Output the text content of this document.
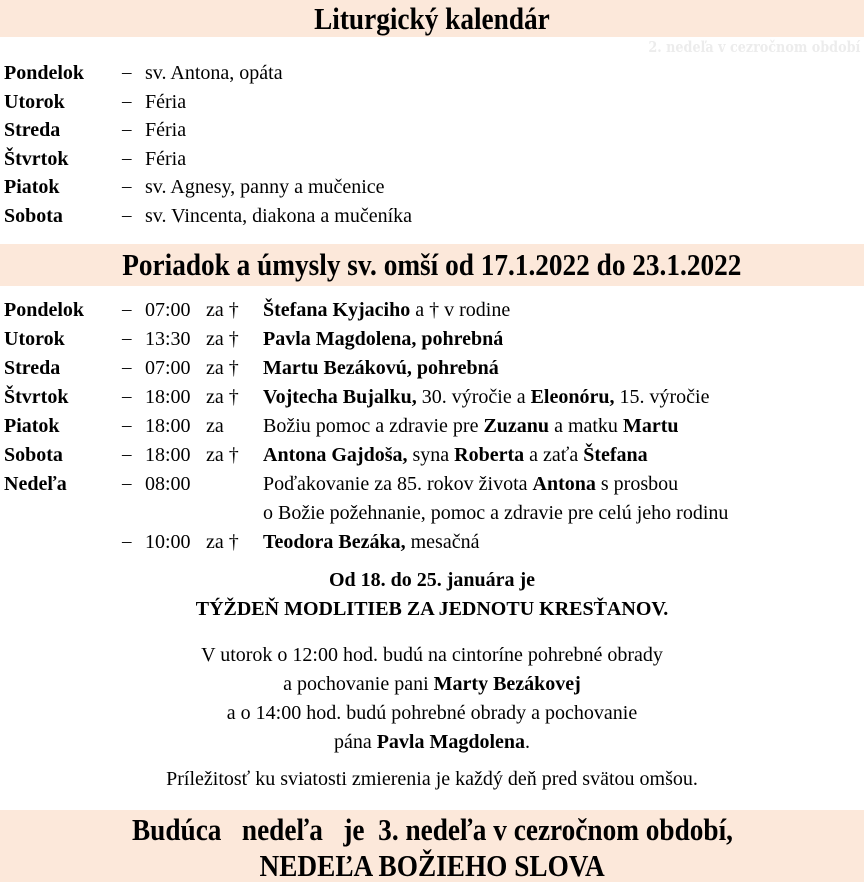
Liturgický kalendár
2. nedeľa v cezročnom období
Pondelok – sv. Antona, opáta
Utorok	– Féria
Streda	– Féria
Štvrtok	– Féria
Piatok	– sv. Agnesy, panny a mučenice
Sobota	– sv. Vincenta, diakona a mučeníka
Poriadok a úmysly sv. omší od 17.1.2022 do 23.1.2022
Pondelok – 07:00 za † Štefana Kyjaciho a † v rodine
Utorok	– 13:30 za † Pavla Magdolena, pohrebná
Streda	– 07:00 za † Martu Bezákovú, pohrebná
Štvrtok	– 18:00 za † Vojtecha Bujalku, 30. výročie a Eleonóru, 15. výročie
Piatok	– 18:00 za Božiu pomoc a zdravie pre Zuzanu a matku Martu
Sobota	– 18:00 za † Antona Gajdoša, syna Roberta a zaťa Štefana
Nedeľa	– 08:00	Poďakovanie za 85. rokov života Antona s prosbou
o Božie požehnanie, pomoc a zdravie pre celú jeho rodinu
– 10:00 za † Teodora Bezáka, mesačná
Od 18. do 25. januára je
TÝŽDEŇ MODLITIEB ZA JEDNOTU KRESŤANOV.
V utorok o 12:00 hod. budú na cintoríne pohrebné obrady
a pochovanie pani Marty Bezákovej
a o 14:00 hod. budú pohrebné obrady a pochovanie
pána Pavla Magdolena.
Príležitosť ku sviatosti zmierenia je každý deň pred svätou omšou.
Budúca   nedeľa   je  3. nedeľa v cezročnom období,
NEDEĽA BOŽIEHO SLOVA
